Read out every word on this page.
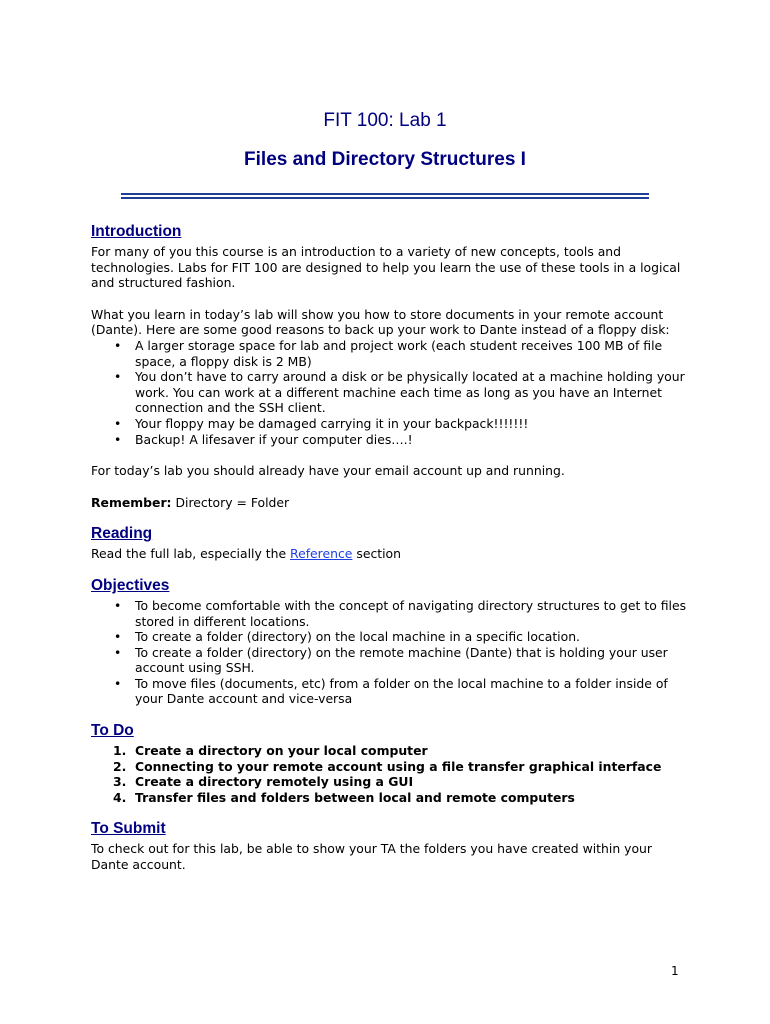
FIT 100: Lab 1
Files and Directory Structures I
Introduction

For many of you this course is an introduction to a variety of new concepts, tools and technologies. Labs for FIT 100 are designed to help you learn the use of these tools in a logical and structured fashion.

What you learn in today’s lab will show you how to store documents in your remote account (Dante). Here are some good reasons to back up your work to Dante instead of a floppy disk:

• A larger storage space for lab and project work (each student receives 100 MB of file space, a floppy disk is 2 MB)
• You don’t have to carry around a disk or be physically located at a machine holding your work. You can work at a different machine each time as long as you have an Internet connection and the SSH client.
• Your floppy may be damaged carrying it in your backpack!!!!!!!
• Backup! A lifesaver if your computer dies….!

For today’s lab you should already have your email account up and running.

Remember: Directory = Folder

Reading

Read the full lab, especially the Reference section

Objectives
• To become comfortable with the concept of navigating directory structures to get to files stored in different locations.
• To create a folder (directory) on the local machine in a specific location.
• To create a folder (directory) on the remote machine (Dante) that is holding your user account using SSH.
• To move files (documents, etc) from a folder on the local machine to a folder inside of your Dante account and vice-versa
To Do
1. Create a directory on your local computer
2. Connecting to your remote account using a file transfer graphical interface
3. Create a directory remotely using a GUI
4. Transfer files and folders between local and remote computers
To Submit

To check out for this lab, be able to show your TA the folders you have created within your Dante account.

1
